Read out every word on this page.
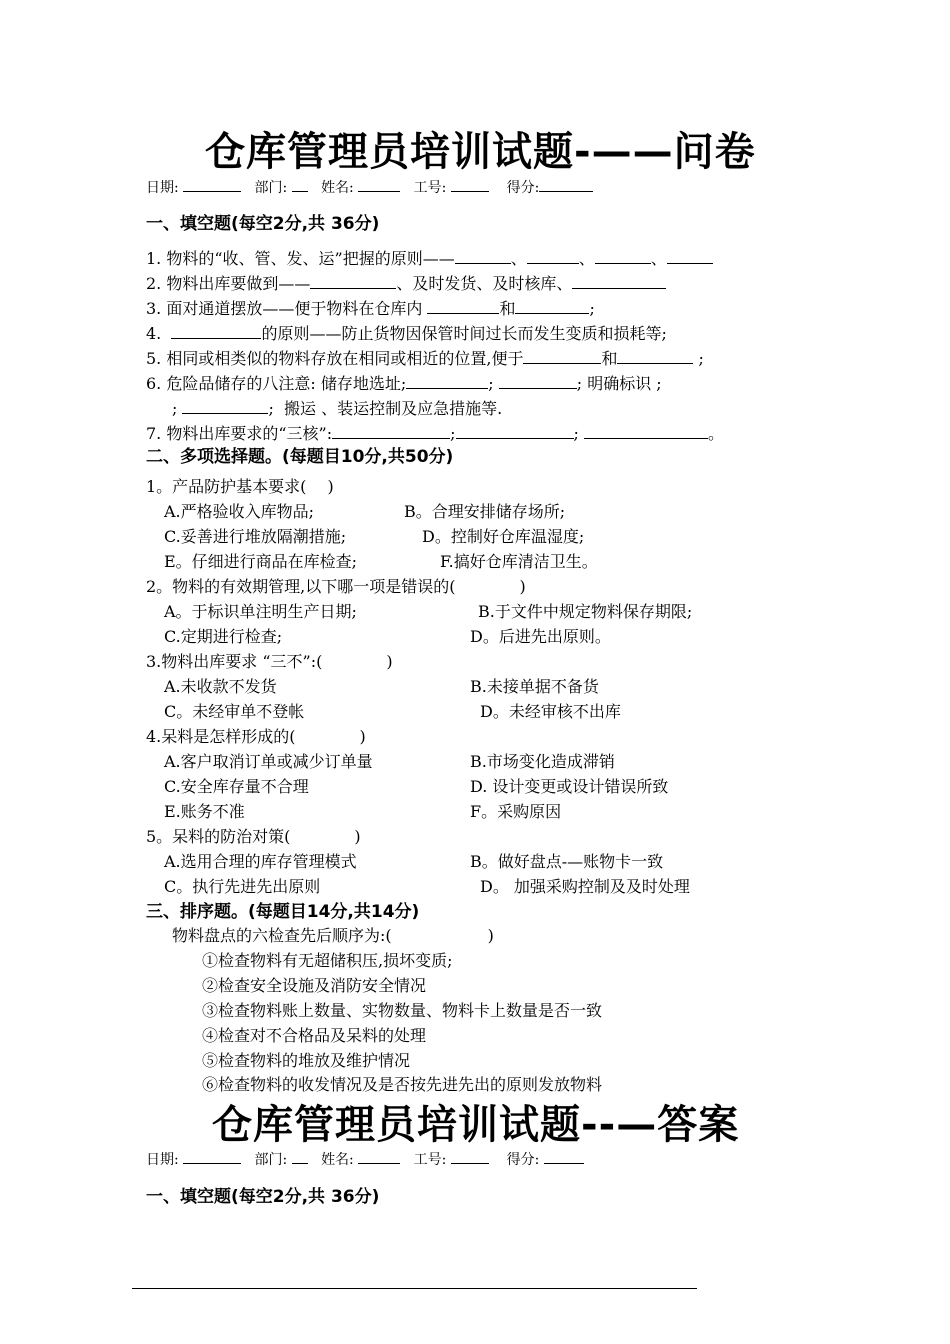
仓库管理员培训试题-——问卷
日期:	部门: 姓名:	工号:	得分:
一、填空题(每空2分,共 36分)
1. 物料的“收、管、发、运”把握的原则——	、	、	、
2. 物料出库要做到——	、及时发货、及时核库、
3. 面对通道摆放——便于物料在仓库内	和	;
4.	的原则——防止货物因保管时间过长而发生变质和损耗等;
5. 相同或相类似的物料存放在相同或相近的位置,便于	和	;
6. 危险品储存的八注意: 储存地选址;	;	; 明确标识 ;
;	;  搬运 、装运控制及应急措施等.
7. 物料出库要求的“三核”:	;	;	。
二、多项选择题。(每题目10分,共50分)
1。产品防护基本要求(　 )
A.严格验收入库物品;	B。合理安排储存场所;
C.妥善进行堆放隔潮措施;	D。控制好仓库温湿度;
E。仔细进行商品在库检查;	F.搞好仓库清洁卫生。
2。物料的有效期管理,以下哪一项是错误的(　　　　)
A。于标识单注明生产日期;	B.于文件中规定物料保存期限;
C.定期进行检查;	D。后进先出原则。
3.物料出库要求 “三不”:(　　　　)
A.未收款不发货	B.未接单据不备货
C。未经审单不登帐	D。未经审核不出库
4.呆料是怎样形成的(　　　　)
A.客户取消订单或减少订单量	B.市场变化造成滞销
C.安全库存量不合理	D. 设计变更或设计错误所致
E.账务不准	F。采购原因
5。呆料的防治对策(　　　　)
A.选用合理的库存管理模式	B。做好盘点-—账物卡一致
C。执行先进先出原则	D。 加强采购控制及及时处理
三、排序题。(每题目14分,共14分)
物料盘点的六检查先后顺序为:(　　　　　　)
①检查物料有无超储积压,损坏变质;
②检查安全设施及消防安全情况
③检查物料账上数量、实物数量、物料卡上数量是否一致
④检查对不合格品及呆料的处理
⑤检查物料的堆放及维护情况
⑥检查物料的收发情况及是否按先进先出的原则发放物料
仓库管理员培训试题--—答案
日期:	部门: 姓名:	工号:	得分:
一、填空题(每空2分,共 36分)
